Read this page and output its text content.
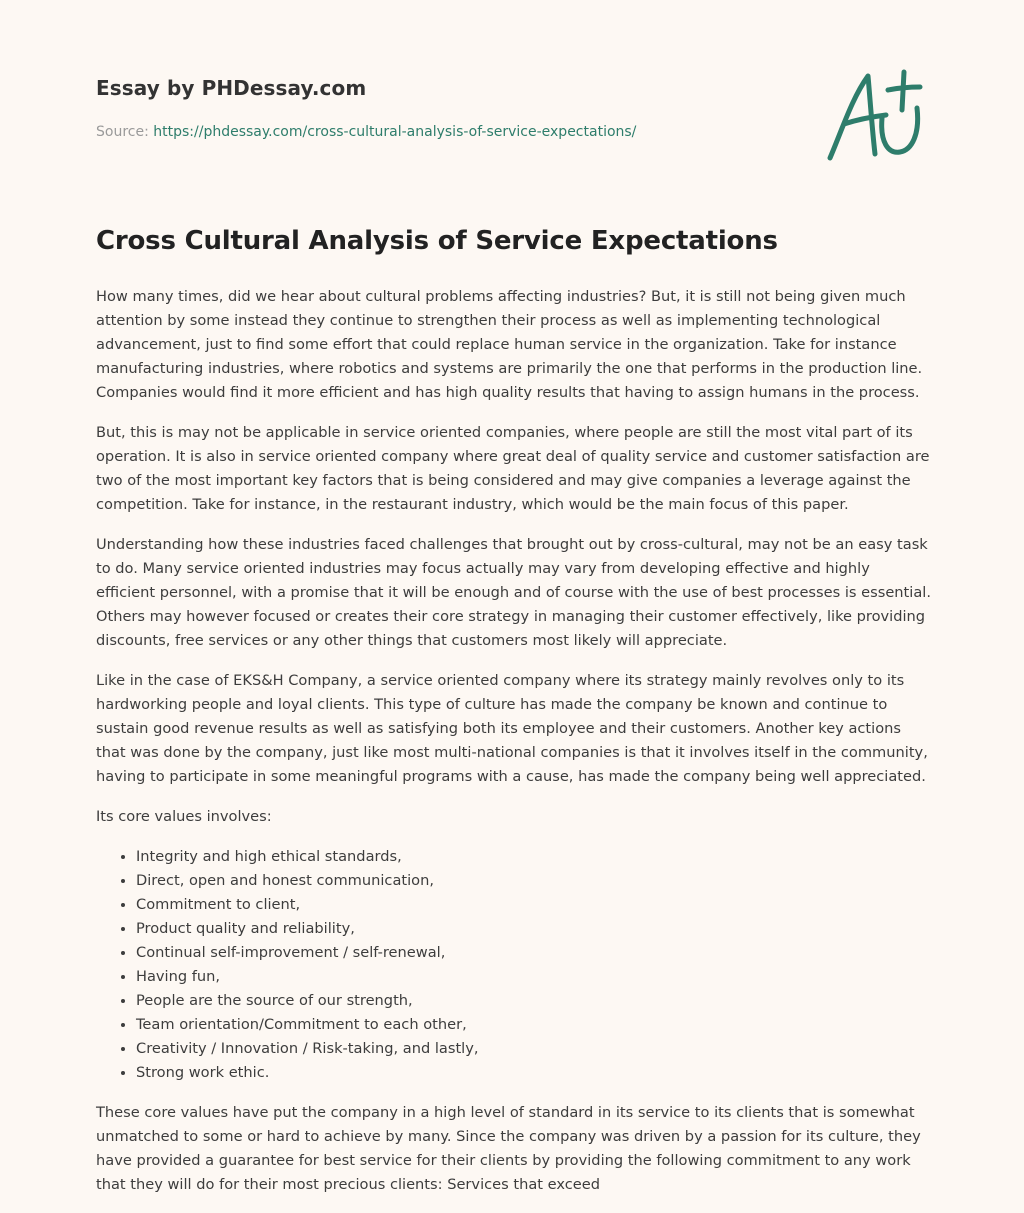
Essay by PHDessay.com
Source: https://phdessay.com/cross-cultural-analysis-of-service-expectations/
Cross Cultural Analysis of Service Expectations

How many times, did we hear about cultural problems affecting industries? But, it is still not being given much attention by some instead they continue to strengthen their process as well as implementing technological advancement, just to find some effort that could replace human service in the organization. Take for instance manufacturing industries, where robotics and systems are primarily the one that performs in the production line. Companies would find it more efficient and has high quality results that having to assign humans in the process.

But, this is may not be applicable in service oriented companies, where people are still the most vital part of its operation. It is also in service oriented company where great deal of quality service and customer satisfaction are two of the most important key factors that is being considered and may give companies a leverage against the competition. Take for instance, in the restaurant industry, which would be the main focus of this paper.

Understanding how these industries faced challenges that brought out by cross-cultural, may not be an easy task to do. Many service oriented industries may focus actually may vary from developing effective and highly efficient personnel, with a promise that it will be enough and of course with the use of best processes is essential. Others may however focused or creates their core strategy in managing their customer effectively, like providing discounts, free services or any other things that customers most likely will appreciate.

Like in the case of EKS&H Company, a service oriented company where its strategy mainly revolves only to its hardworking people and loyal clients. This type of culture has made the company be known and continue to sustain good revenue results as well as satisfying both its employee and their customers. Another key actions that was done by the company, just like most multi-national companies is that it involves itself in the community, having to participate in some meaningful programs with a cause, has made the company being well appreciated.

Its core values involves:

• Integrity and high ethical standards,
• Direct, open and honest communication,
• Commitment to client,
• Product quality and reliability,
• Continual self-improvement / self-renewal,
• Having fun,
• People are the source of our strength,
• Team orientation/Commitment to each other,
• Creativity / Innovation / Risk-taking, and lastly,
• Strong work ethic.

These core values have put the company in a high level of standard in its service to its clients that is somewhat unmatched to some or hard to achieve by many. Since the company was driven by a passion for its culture, they have provided a guarantee for best service for their clients by providing the following commitment to any work that they will do for their most precious clients: Services that exceed
